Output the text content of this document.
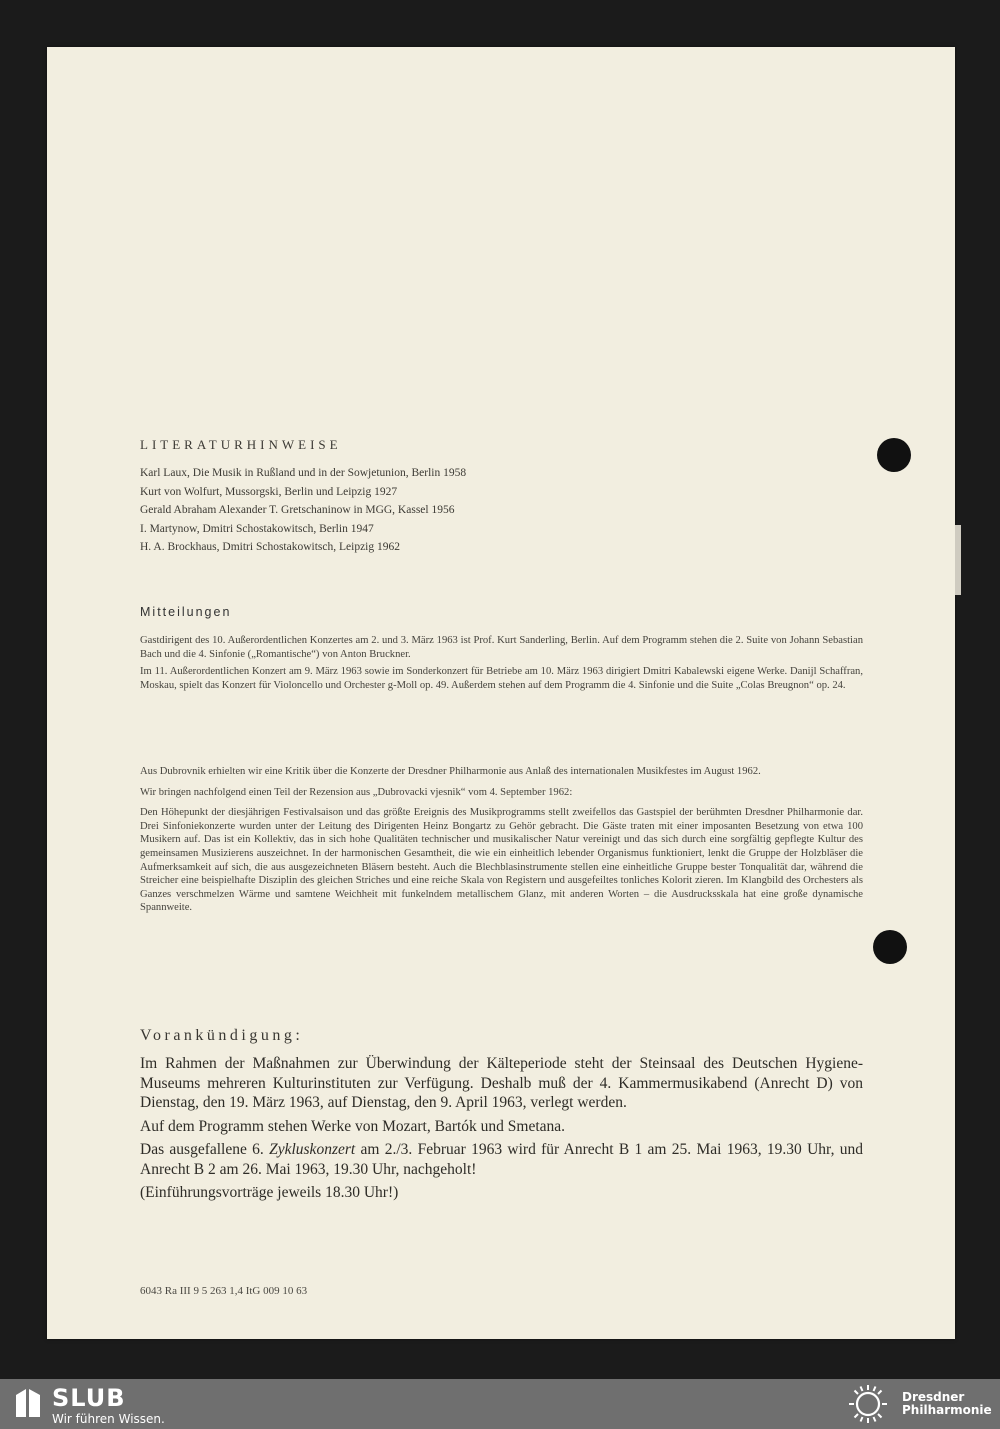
LITERATURHINWEISE
Karl Laux, Die Musik in Rußland und in der Sowjetunion, Berlin 1958
Kurt von Wolfurt, Mussorgski, Berlin und Leipzig 1927
Gerald Abraham Alexander T. Gretschaninow in MGG, Kassel 1956
I. Martynow, Dmitri Schostakowitsch, Berlin 1947
H. A. Brockhaus, Dmitri Schostakowitsch, Leipzig 1962
Mitteilungen

Gastdirigent des 10. Außerordentlichen Konzertes am 2. und 3. März 1963 ist Prof. Kurt Sanderling, Berlin. Auf dem Programm stehen die 2. Suite von Johann Sebastian Bach und die 4. Sinfonie („Romantische“) von Anton Bruckner.

Im 11. Außerordentlichen Konzert am 9. März 1963 sowie im Sonderkonzert für Betriebe am 10. März 1963 dirigiert Dmitri Kabalewski eigene Werke. Danijl Schaffran, Moskau, spielt das Konzert für Violoncello und Orchester g-Moll op. 49. Außerdem stehen auf dem Programm die 4. Sinfonie und die Suite „Colas Breugnon“ op. 24.

Aus Dubrovnik erhielten wir eine Kritik über die Konzerte der Dresdner Philharmonie aus Anlaß des internationalen Musikfestes im August 1962.

Wir bringen nachfolgend einen Teil der Rezension aus „Dubrovacki vjesnik“ vom 4. September 1962:

Den Höhepunkt der diesjährigen Festivalsaison und das größte Ereignis des Musikprogramms stellt zweifellos das Gastspiel der berühmten Dresdner Philharmonie dar. Drei Sinfoniekonzerte wurden unter der Leitung des Dirigenten Heinz Bongartz zu Gehör gebracht. Die Gäste traten mit einer imposanten Besetzung von etwa 100 Musikern auf. Das ist ein Kollektiv, das in sich hohe Qualitäten technischer und musikalischer Natur vereinigt und das sich durch eine sorgfältig gepflegte Kultur des gemeinsamen Musizierens auszeichnet. In der harmonischen Gesamtheit, die wie ein einheitlich lebender Organismus funktioniert, lenkt die Gruppe der Holzbläser die Aufmerksamkeit auf sich, die aus ausgezeichneten Bläsern besteht. Auch die Blechblasinstrumente stellen eine einheitliche Gruppe bester Tonqualität dar, während die Streicher eine beispielhafte Disziplin des gleichen Striches und eine reiche Skala von Registern und ausgefeiltes tonliches Kolorit zieren. Im Klangbild des Orchesters als Ganzes verschmelzen Wärme und samtene Weichheit mit funkelndem metallischem Glanz, mit anderen Worten – die Ausdrucksskala hat eine große dynamische Spannweite.

Vorankündigung:

Im Rahmen der Maßnahmen zur Überwindung der Kälteperiode steht der Steinsaal des Deutschen Hygiene-Museums mehreren Kulturinstituten zur Verfügung. Deshalb muß der 4. Kammermusikabend (Anrecht D) von Dienstag, den 19. März 1963, auf Dienstag, den 9. April 1963, verlegt werden.

Auf dem Programm stehen Werke von Mozart, Bartók und Smetana.

Das ausgefallene 6. Zykluskonzert am 2./3. Februar 1963 wird für Anrecht B 1 am 25. Mai 1963, 19.30 Uhr, und Anrecht B 2 am 26. Mai 1963, 19.30 Uhr, nachgeholt!

(Einführungsvorträge jeweils 18.30 Uhr!)

6043 Ra III 9 5 263 1,4 ItG 009 10 63
SLUB
Wir führen Wissen.
Dresdner
Philharmonie
